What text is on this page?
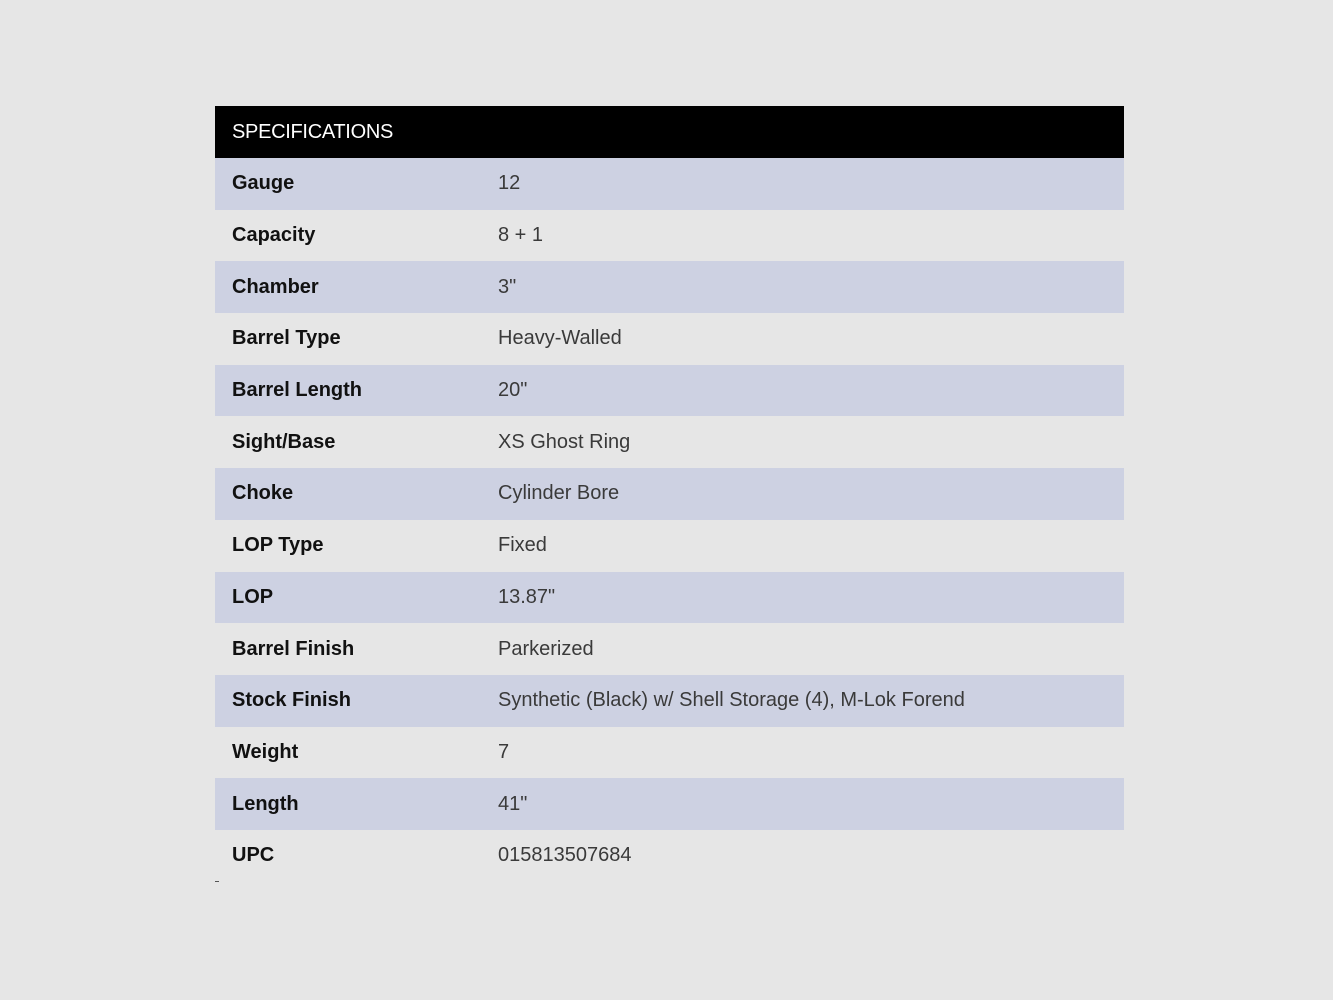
SPECIFICATIONS
Gauge	12
Capacity	8 + 1
Chamber	3"
Barrel Type	Heavy-Walled
Barrel Length	20"
Sight/Base	XS Ghost Ring
Choke	Cylinder Bore
LOP Type	Fixed
LOP	13.87"
Barrel Finish	Parkerized
Stock Finish	Synthetic (Black) w/ Shell Storage (4), M-Lok Forend
Weight	7
Length	41"
UPC	015813507684
